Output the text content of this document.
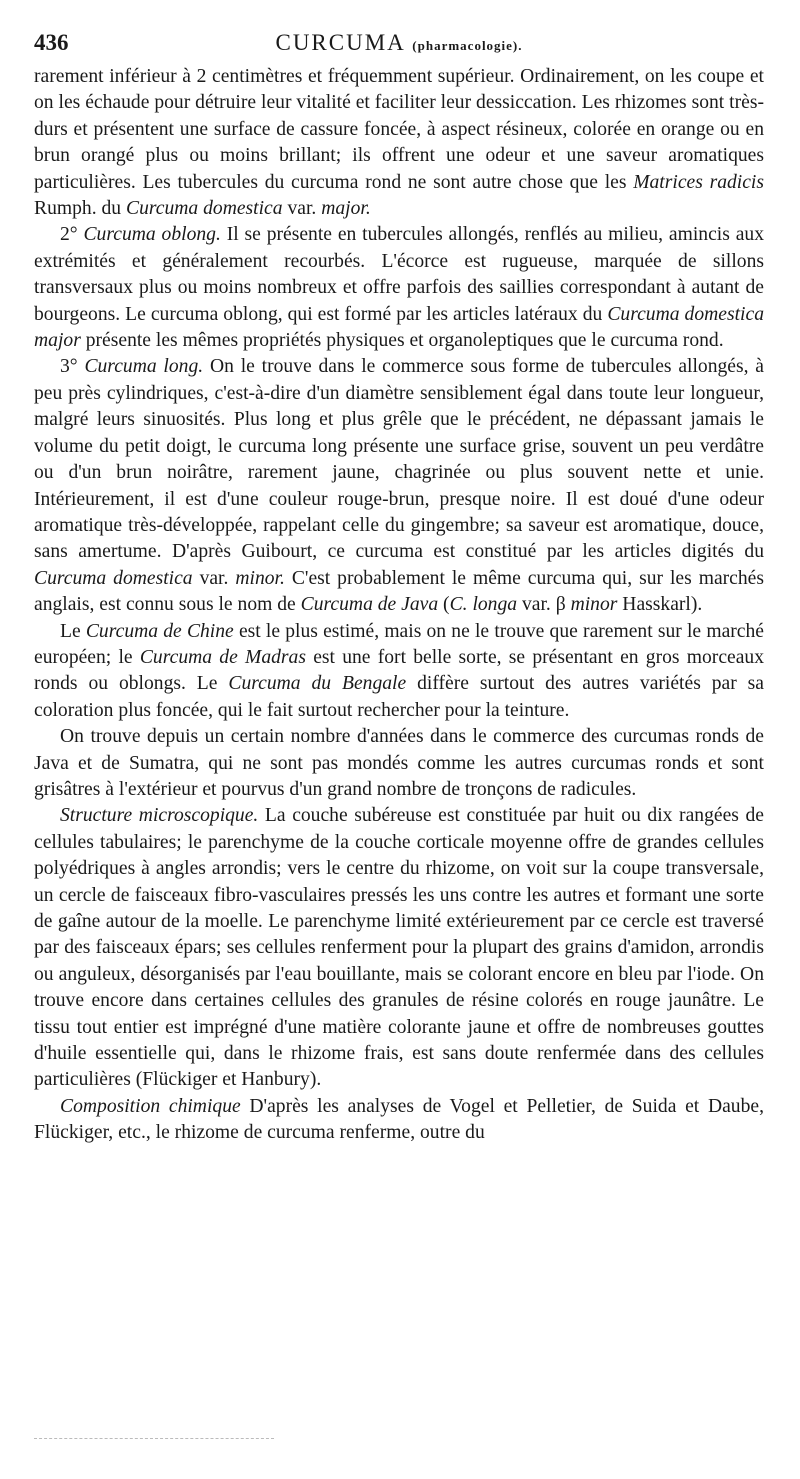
436	CURCUMA (pharmacologie).

rarement inférieur à 2 centimètres et fréquemment supérieur. Ordinairement, on les coupe et on les échaude pour détruire leur vitalité et faciliter leur dessiccation. Les rhizomes sont très-durs et présentent une surface de cassure foncée, à aspect résineux, colorée en orange ou en brun orangé plus ou moins brillant; ils offrent une odeur et une saveur aromatiques particulières. Les tubercules du curcuma rond ne sont autre chose que les Matrices radicis Rumph. du Curcuma domestica var. major.

2° Curcuma oblong. Il se présente en tubercules allongés, renflés au milieu, amincis aux extrémités et généralement recourbés. L'écorce est rugueuse, marquée de sillons transversaux plus ou moins nombreux et offre parfois des saillies correspondant à autant de bourgeons. Le curcuma oblong, qui est formé par les articles latéraux du Curcuma domestica major présente les mêmes propriétés physiques et organoleptiques que le curcuma rond.

3° Curcuma long. On le trouve dans le commerce sous forme de tubercules allongés, à peu près cylindriques, c'est-à-dire d'un diamètre sensiblement égal dans toute leur longueur, malgré leurs sinuosités. Plus long et plus grêle que le précédent, ne dépassant jamais le volume du petit doigt, le curcuma long présente une surface grise, souvent un peu verdâtre ou d'un brun noirâtre, rarement jaune, chagrinée ou plus souvent nette et unie. Intérieurement, il est d'une couleur rouge-brun, presque noire. Il est doué d'une odeur aromatique très-développée, rappelant celle du gingembre; sa saveur est aromatique, douce, sans amertume. D'après Guibourt, ce curcuma est constitué par les articles digités du Curcuma domestica var. minor. C'est probablement le même curcuma qui, sur les marchés anglais, est connu sous le nom de Curcuma de Java (C. longa var. β minor Hasskarl).

Le Curcuma de Chine est le plus estimé, mais on ne le trouve que rarement sur le marché européen; le Curcuma de Madras est une fort belle sorte, se présentant en gros morceaux ronds ou oblongs. Le Curcuma du Bengale diffère surtout des autres variétés par sa coloration plus foncée, qui le fait surtout rechercher pour la teinture.

On trouve depuis un certain nombre d'années dans le commerce des curcumas ronds de Java et de Sumatra, qui ne sont pas mondés comme les autres curcumas ronds et sont grisâtres à l'extérieur et pourvus d'un grand nombre de tronçons de radicules.

Structure microscopique. La couche subéreuse est constituée par huit ou dix rangées de cellules tabulaires; le parenchyme de la couche corticale moyenne offre de grandes cellules polyédriques à angles arrondis; vers le centre du rhizome, on voit sur la coupe transversale, un cercle de faisceaux fibro-vasculaires pressés les uns contre les autres et formant une sorte de gaîne autour de la moelle. Le parenchyme limité extérieurement par ce cercle est traversé par des faisceaux épars; ses cellules renferment pour la plupart des grains d'amidon, arrondis ou anguleux, désorganisés par l'eau bouillante, mais se colorant encore en bleu par l'iode. On trouve encore dans certaines cellules des granules de résine colorés en rouge jaunâtre. Le tissu tout entier est imprégné d'une matière colorante jaune et offre de nombreuses gouttes d'huile essentielle qui, dans le rhizome frais, est sans doute renfermée dans des cellules particulières (Flückiger et Hanbury).

Composition chimique D'après les analyses de Vogel et Pelletier, de Suida et Daube, Flückiger, etc., le rhizome de curcuma renferme, outre du
